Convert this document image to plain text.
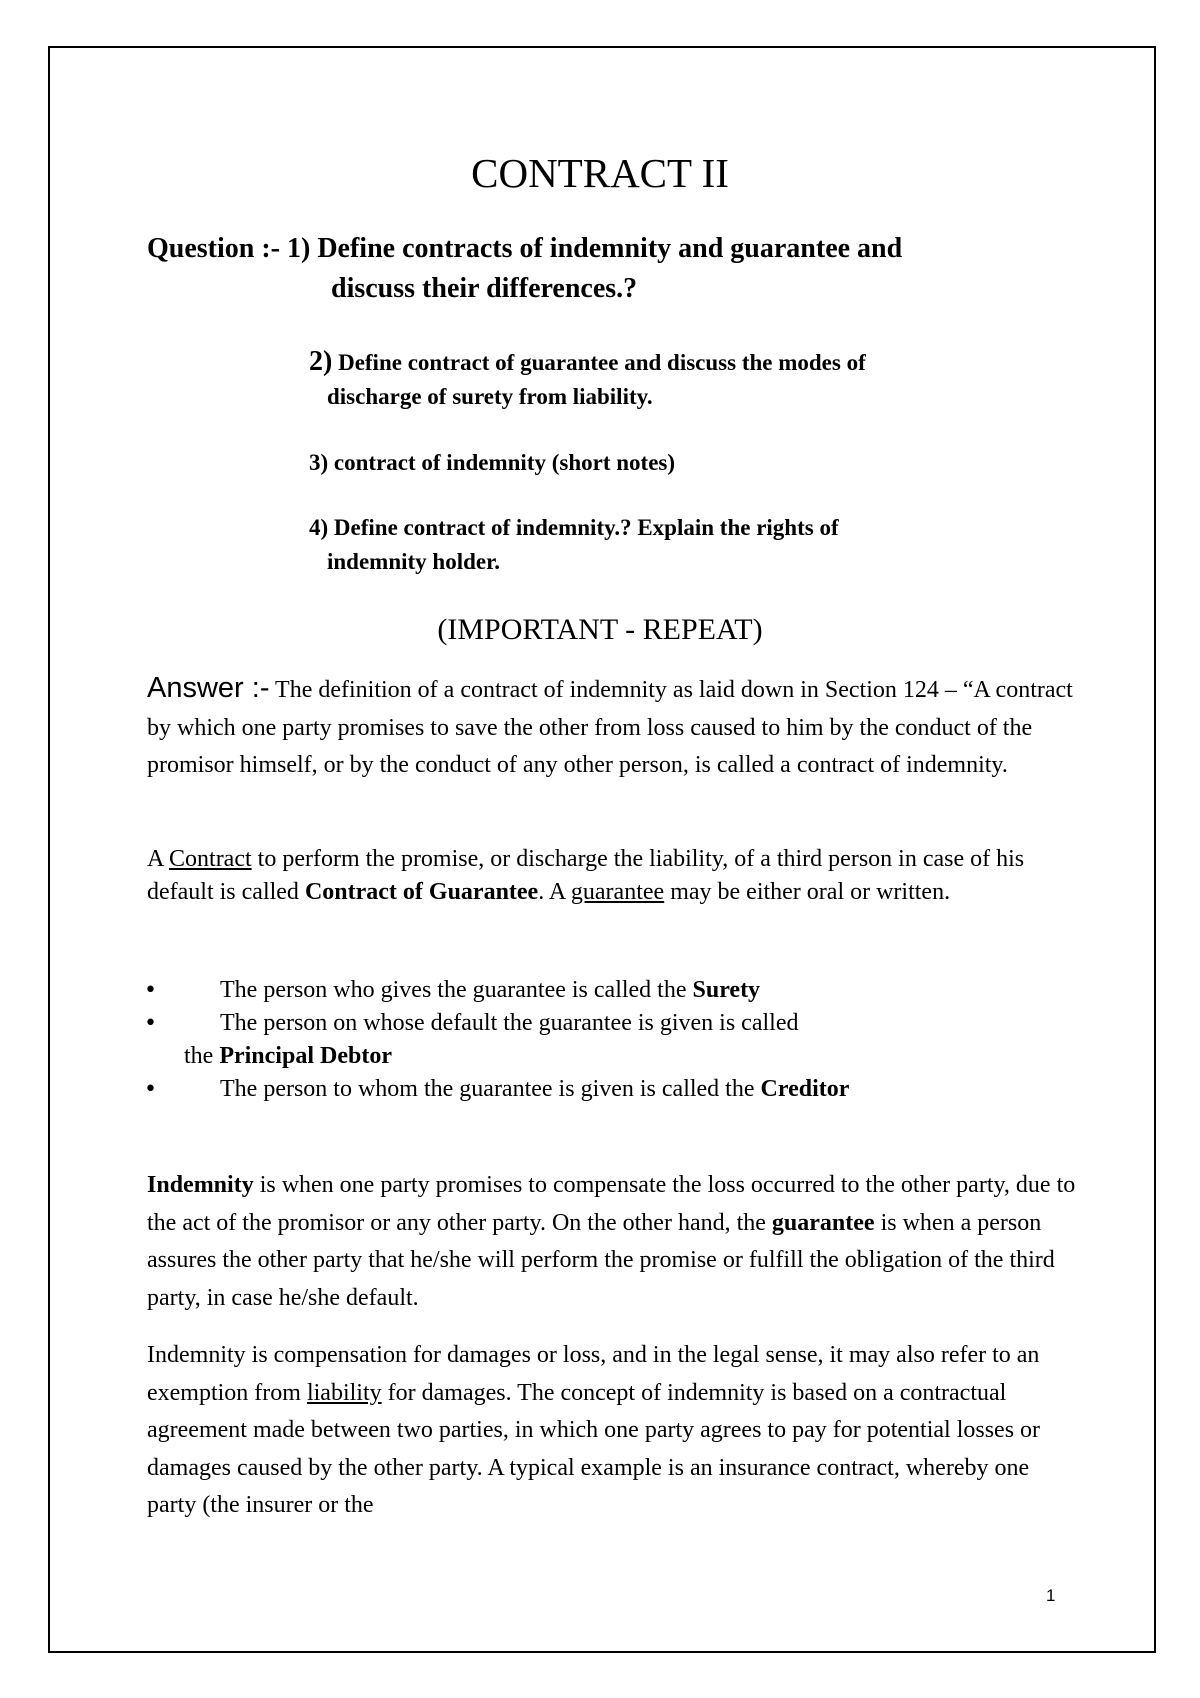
CONTRACT II

Question :- 1) Define contracts of indemnity and guarantee and

discuss their differences.?

2) Define contract of guarantee and discuss the modes of

discharge of surety from liability.

3) contract of indemnity (short notes)

4) Define contract of indemnity.? Explain the rights of

indemnity holder.

(IMPORTANT - REPEAT)

Answer :- The definition of a contract of indemnity as laid down in Section 124 – “A contract by which one party promises to save the other from loss caused to him by the conduct of the promisor himself, or by the conduct of any other person, is called a contract of indemnity.

A Contract to perform the promise, or discharge the liability, of a third person in case of his default is called Contract of Guarantee. A guarantee may be either oral or written.

•	The person who gives the guarantee is called the Surety
•	The person on whose default the guarantee is given is called
the Principal Debtor
•	The person to whom the guarantee is given is called the Creditor

Indemnity is when one party promises to compensate the loss occurred to the other party, due to the act of the promisor or any other party. On the other hand, the guarantee is when a person assures the other party that he/she will perform the promise or fulfill the obligation of the third party, in case he/she default.

Indemnity is compensation for damages or loss, and in the legal sense, it may also refer to an exemption from liability for damages. The concept of indemnity is based on a contractual agreement made between two parties, in which one party agrees to pay for potential losses or damages caused by the other party. A typical example is an insurance contract, whereby one party (the insurer or the

1
